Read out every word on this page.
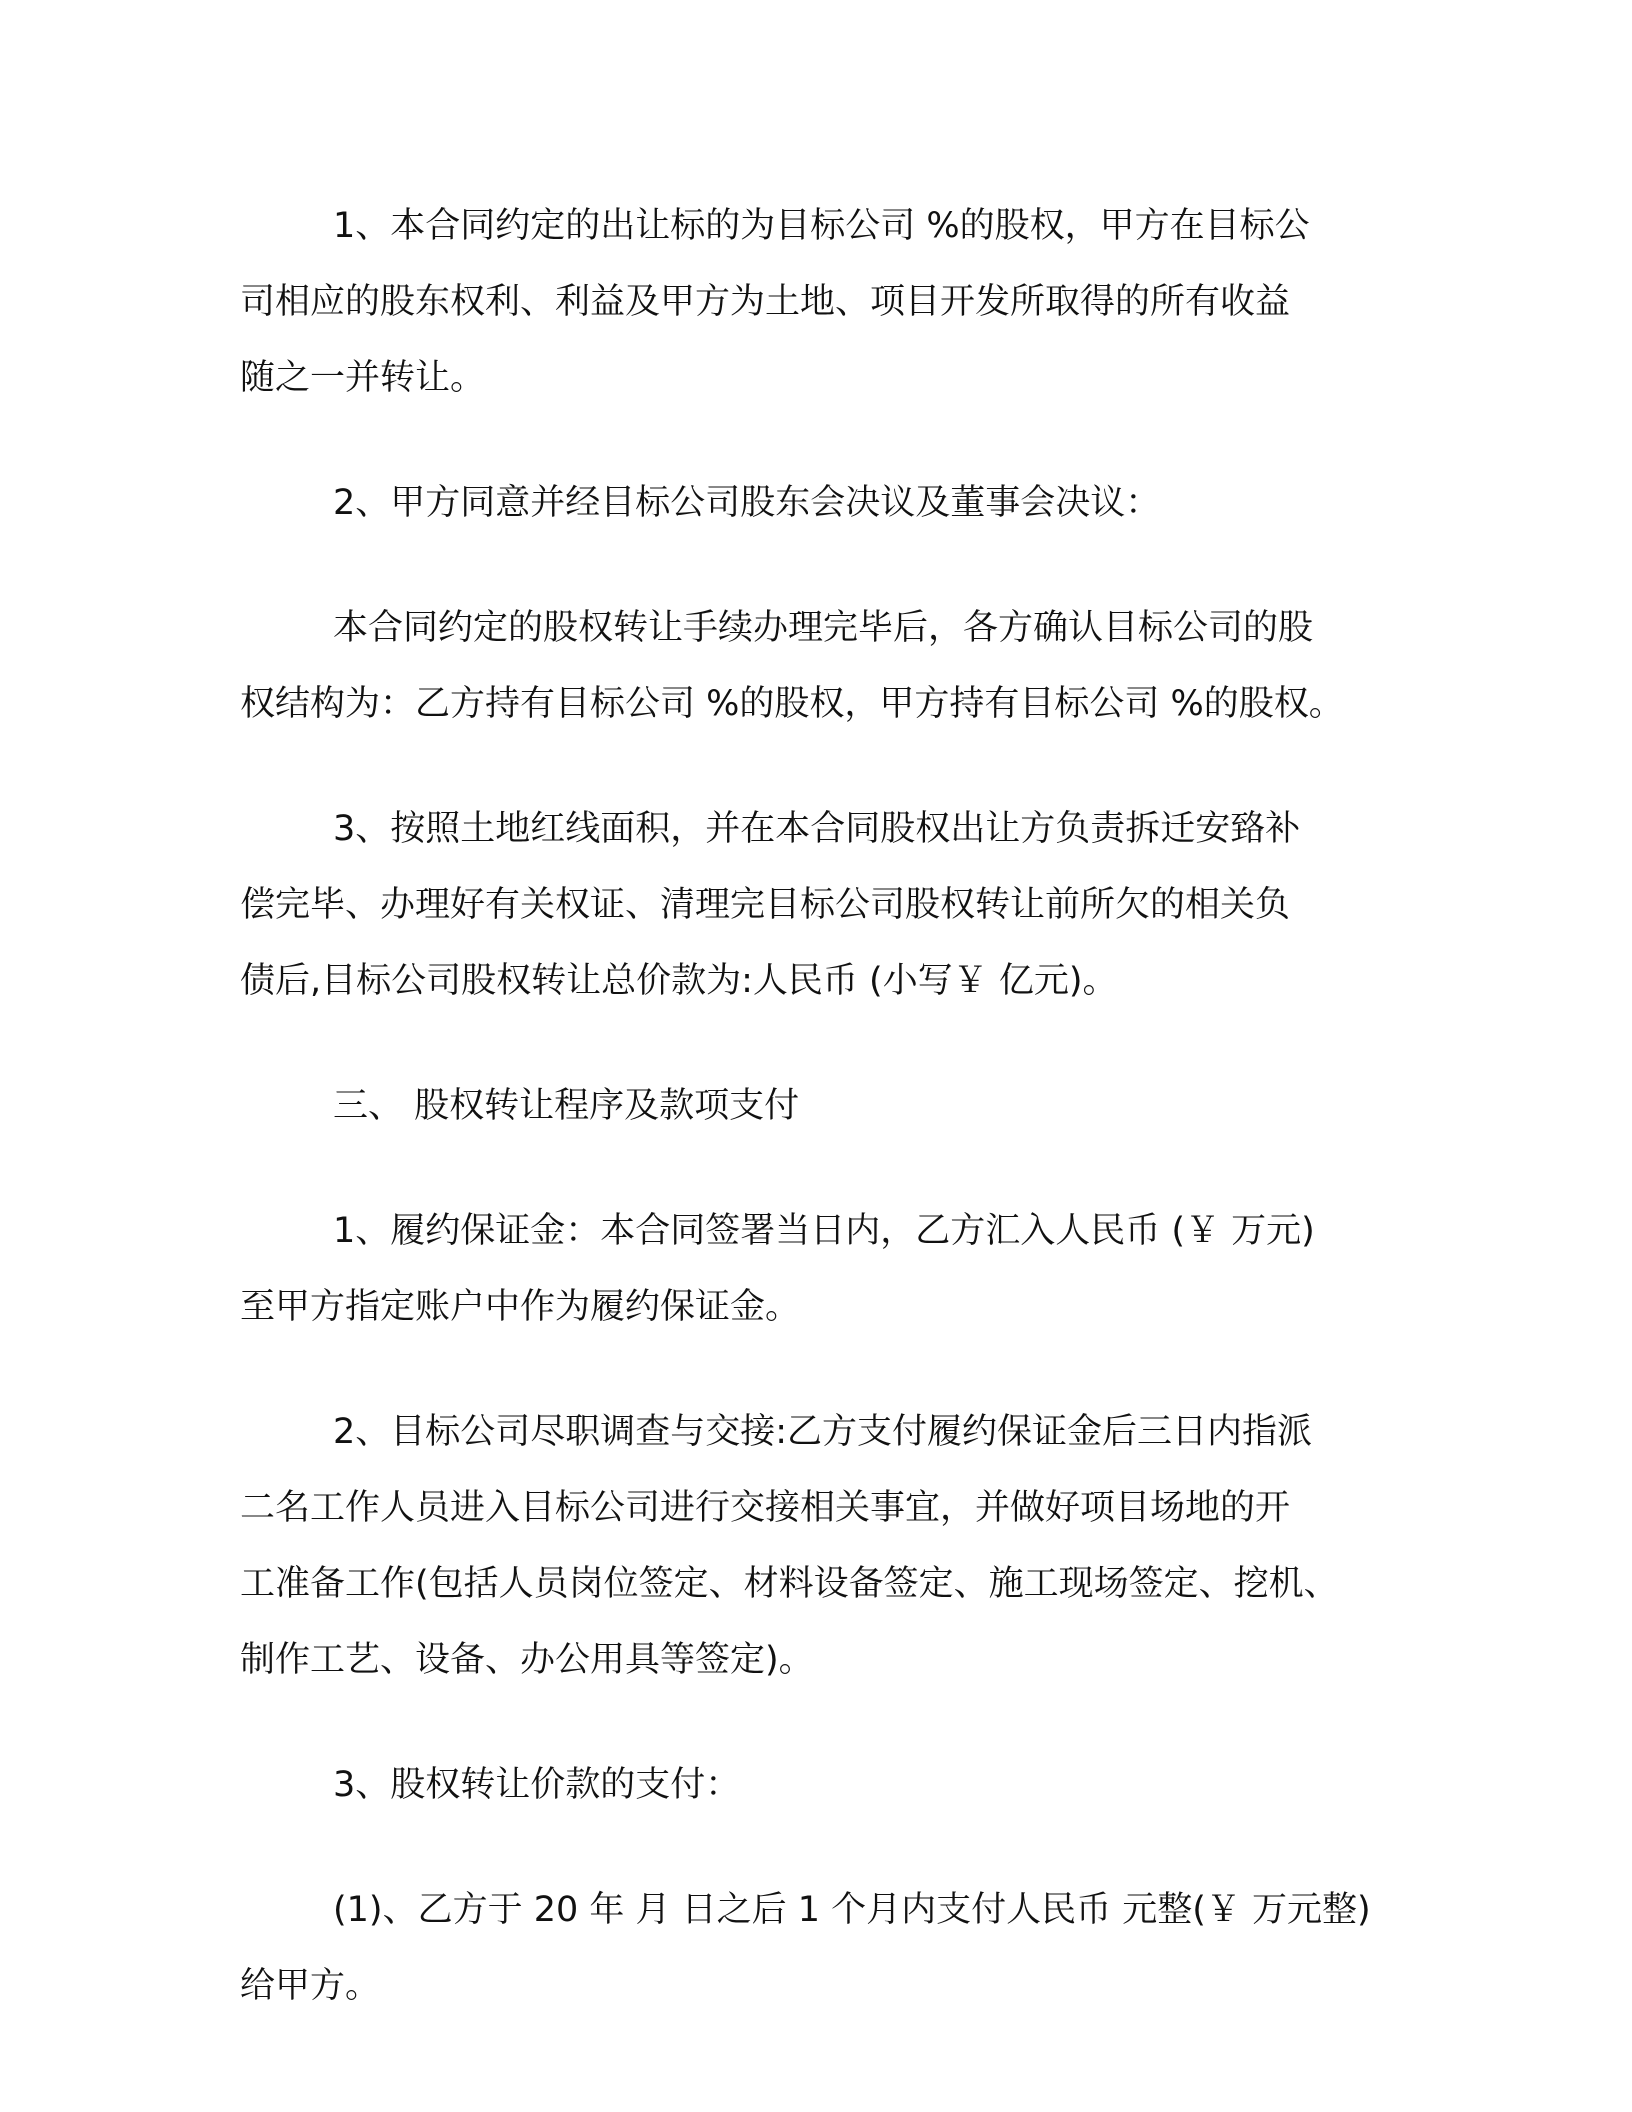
1、本合同约定的出让标的为目标公司 %的股权，甲方在目标公
司相应的股东权利、利益及甲方为土地、项目开发所取得的所有收益
随之一并转让。

2、甲方同意并经目标公司股东会决议及董事会决议：

本合同约定的股权转让手续办理完毕后，各方确认目标公司的股
权结构为：乙方持有目标公司 %的股权，甲方持有目标公司 %的股权。

3、按照土地红线面积，并在本合同股权出让方负责拆迁安臵补
偿完毕、办理好有关权证、清理完目标公司股权转让前所欠的相关负
债后,目标公司股权转让总价款为:人民币 (小写￥ 亿元)。

三、 股权转让程序及款项支付

1、履约保证金：本合同签署当日内，乙方汇入人民币 (￥ 万元)
至甲方指定账户中作为履约保证金。

2、目标公司尽职调查与交接:乙方支付履约保证金后三日内指派
二名工作人员进入目标公司进行交接相关事宜，并做好项目场地的开
工准备工作(包括人员岗位签定、材料设备签定、施工现场签定、挖机、
制作工艺、设备、办公用具等签定)。

3、股权转让价款的支付：

(1)、乙方于 20 年 月 日之后 1 个月内支付人民币 元整(￥ 万元整)
给甲方。
